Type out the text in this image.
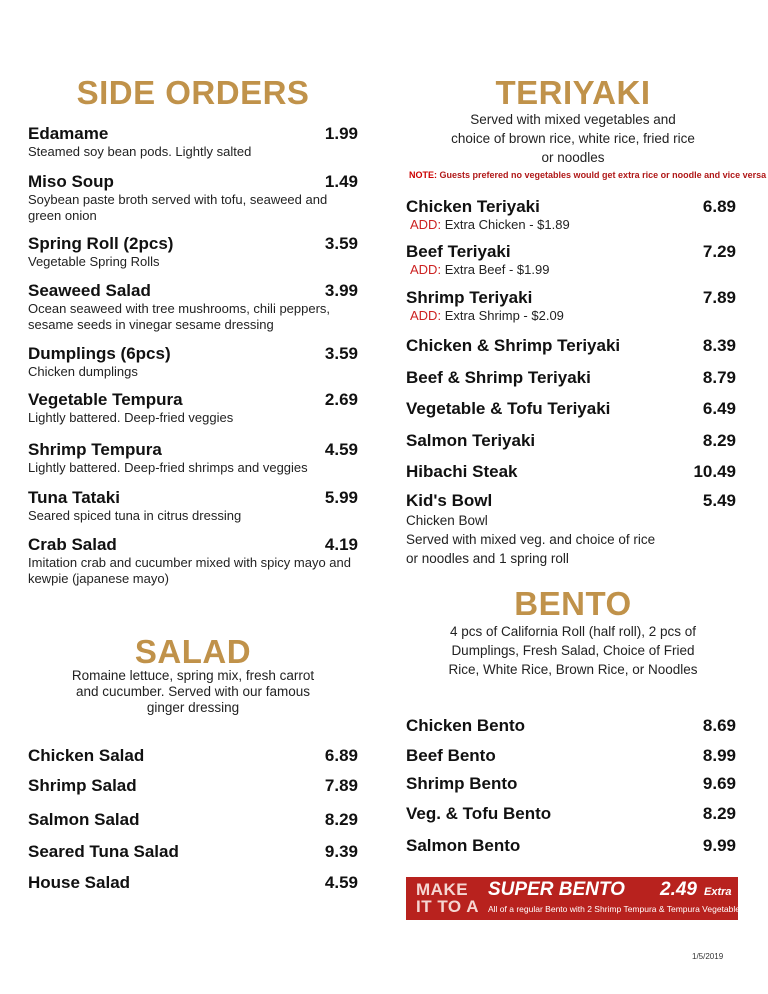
SIDE ORDERS
Edamame	1.99
Steamed soy bean pods. Lightly salted
Miso Soup	1.49
Soybean paste broth served with tofu, seaweed and green onion
Spring Roll (2pcs)	3.59
Vegetable Spring Rolls
Seaweed Salad	3.99
Ocean seaweed with tree mushrooms, chili peppers, sesame seeds in vinegar sesame dressing
Dumplings (6pcs)	3.59
Chicken dumplings
Vegetable Tempura	2.69
Lightly battered. Deep-fried veggies
Shrimp Tempura	4.59
Lightly battered. Deep-fried shrimps and veggies
Tuna Tataki	5.99
Seared spiced tuna in citrus dressing
Crab Salad	4.19
Imitation crab and cucumber mixed with spicy mayo and kewpie (japanese mayo)
SALAD
Romaine lettuce, spring mix, fresh carrot and cucumber. Served with our famous ginger dressing
Chicken Salad	6.89
Shrimp Salad	7.89
Salmon Salad	8.29
Seared Tuna Salad	9.39
House Salad	4.59
TERIYAKI
Served with mixed vegetables and choice of brown rice, white rice, fried rice or noodles
NOTE: Guests prefered no vegetables would get extra rice or noodle and vice versa
Chicken Teriyaki	6.89
ADD: Extra Chicken - $1.89
Beef Teriyaki	7.29
ADD: Extra Beef - $1.99
Shrimp Teriyaki	7.89
ADD: Extra Shrimp - $2.09
Chicken & Shrimp Teriyaki	8.39
Beef & Shrimp Teriyaki	8.79
Vegetable & Tofu Teriyaki	6.49
Salmon Teriyaki	8.29
Hibachi Steak	10.49
Kid's Bowl	5.49
Chicken Bowl
Served with mixed veg. and choice of rice or noodles and 1 spring roll
BENTO
4 pcs of California Roll (half roll), 2 pcs of Dumplings, Fresh Salad, Choice of Fried Rice, White Rice, Brown Rice, or Noodles
Chicken Bento	8.69
Beef Bento	8.99
Shrimp Bento	9.69
Veg. & Tofu Bento	8.29
Salmon Bento	9.99
MAKE
IT TO A
SUPER BENTO 2.49 Extra
All of a regular Bento with 2 Shrimp Tempura & Tempura Vegetable (4pcs)
1/5/2019
